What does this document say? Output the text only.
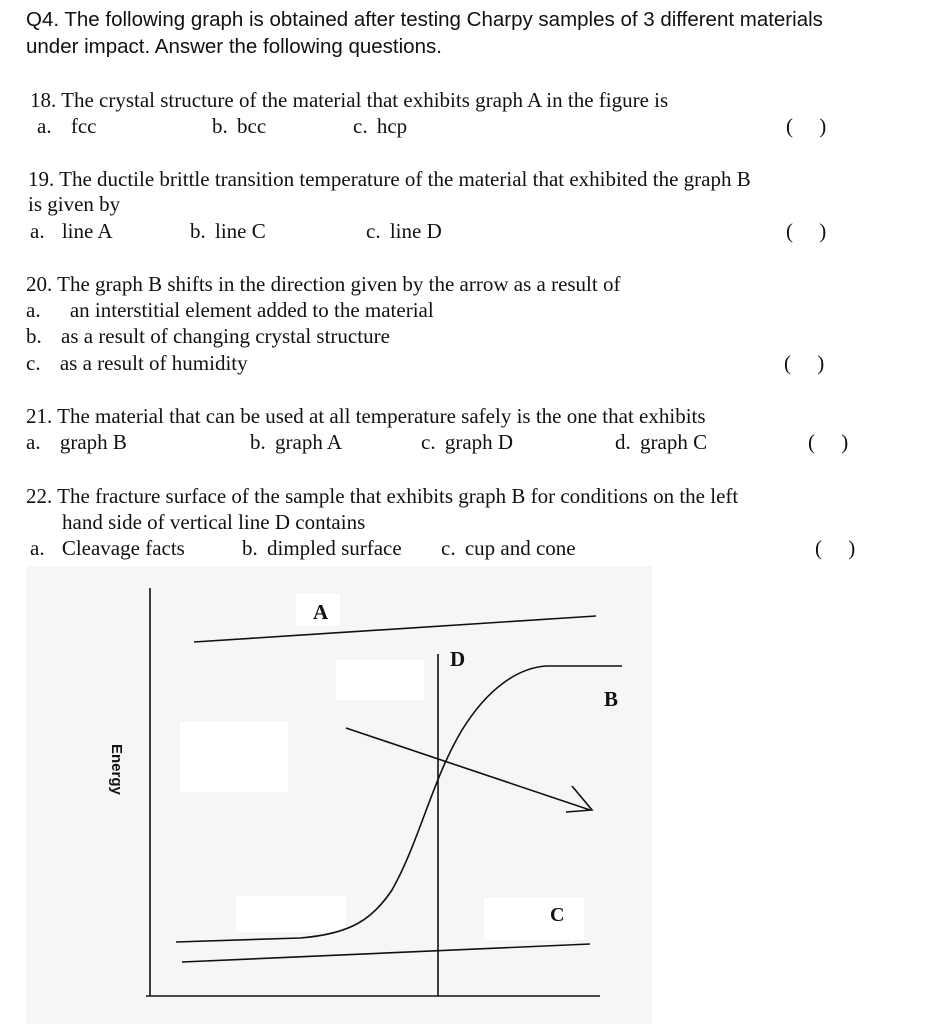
Q4. The following graph is obtained after testing Charpy samples of 3 different materials
under impact. Answer the following questions.
18. The crystal structure of the material that exhibits graph A in the figure is
a. fcc	b. bcc	c. hcp	(     )
19. The ductile brittle transition temperature of the material that exhibited the graph B
is given by
a. line A	b. line C	c. line D	(     )
20. The graph B shifts in the direction given by the arrow as a result of
a. an interstitial element added to the material
b. as a result of changing crystal structure
c. as a result of humidity	(     )
21. The material that can be used at all temperature safely is the one that exhibits
a. graph B	b. graph A	c. graph D	d. graph C	(     )
22. The fracture surface of the sample that exhibits graph B for conditions on the left
hand side of vertical line D contains
a. Cleavage facts	b. dimpled surface c. cup and cone	(     )
A
D
B
C
Energy
